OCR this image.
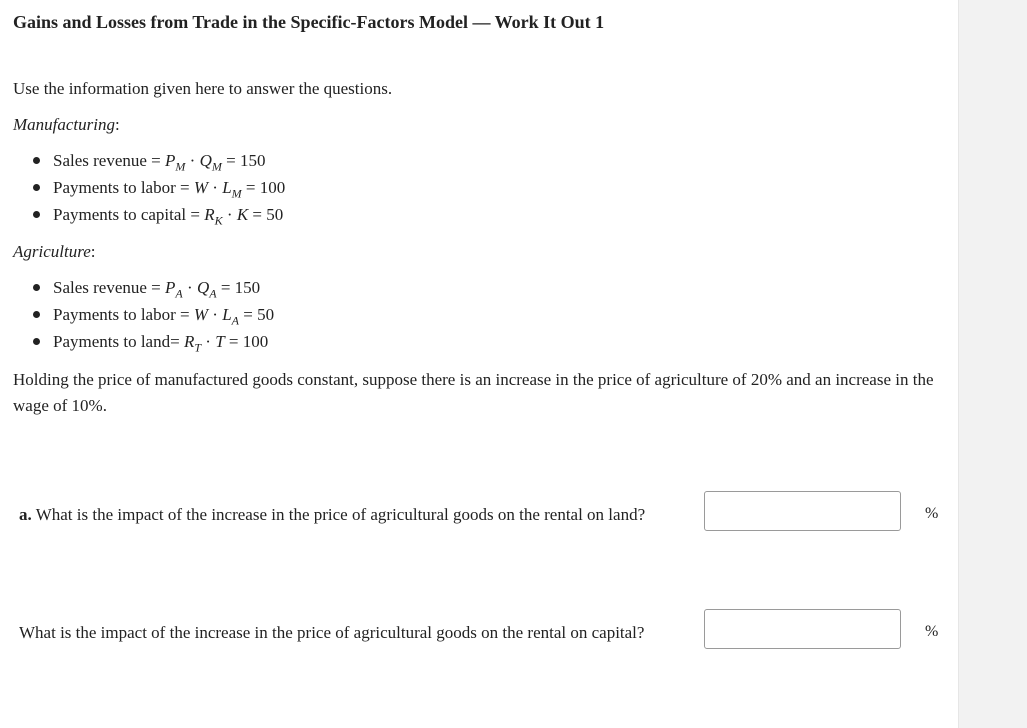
Gains and Losses from Trade in the Specific-Factors Model — Work It Out 1
Use the information given here to answer the questions.
Manufacturing:
Sales revenue = $P_M \cdot Q_M = 150$
Payments to labor = $W \cdot L_M = 100$
Payments to capital = $R_K \cdot K = 50$
Agriculture:
Sales revenue = $P_A \cdot Q_A = 150$
Payments to labor = $W \cdot L_A = 50$
Payments to land= $R_T \cdot T = 100$
Holding the price of manufactured goods constant, suppose there is an increase in the price of agriculture of 20% and an increase in the wage of 10%.
a. What is the impact of the increase in the price of agricultural goods on the rental on land?	%
What is the impact of the increase in the price of agricultural goods on the rental on capital?	%
